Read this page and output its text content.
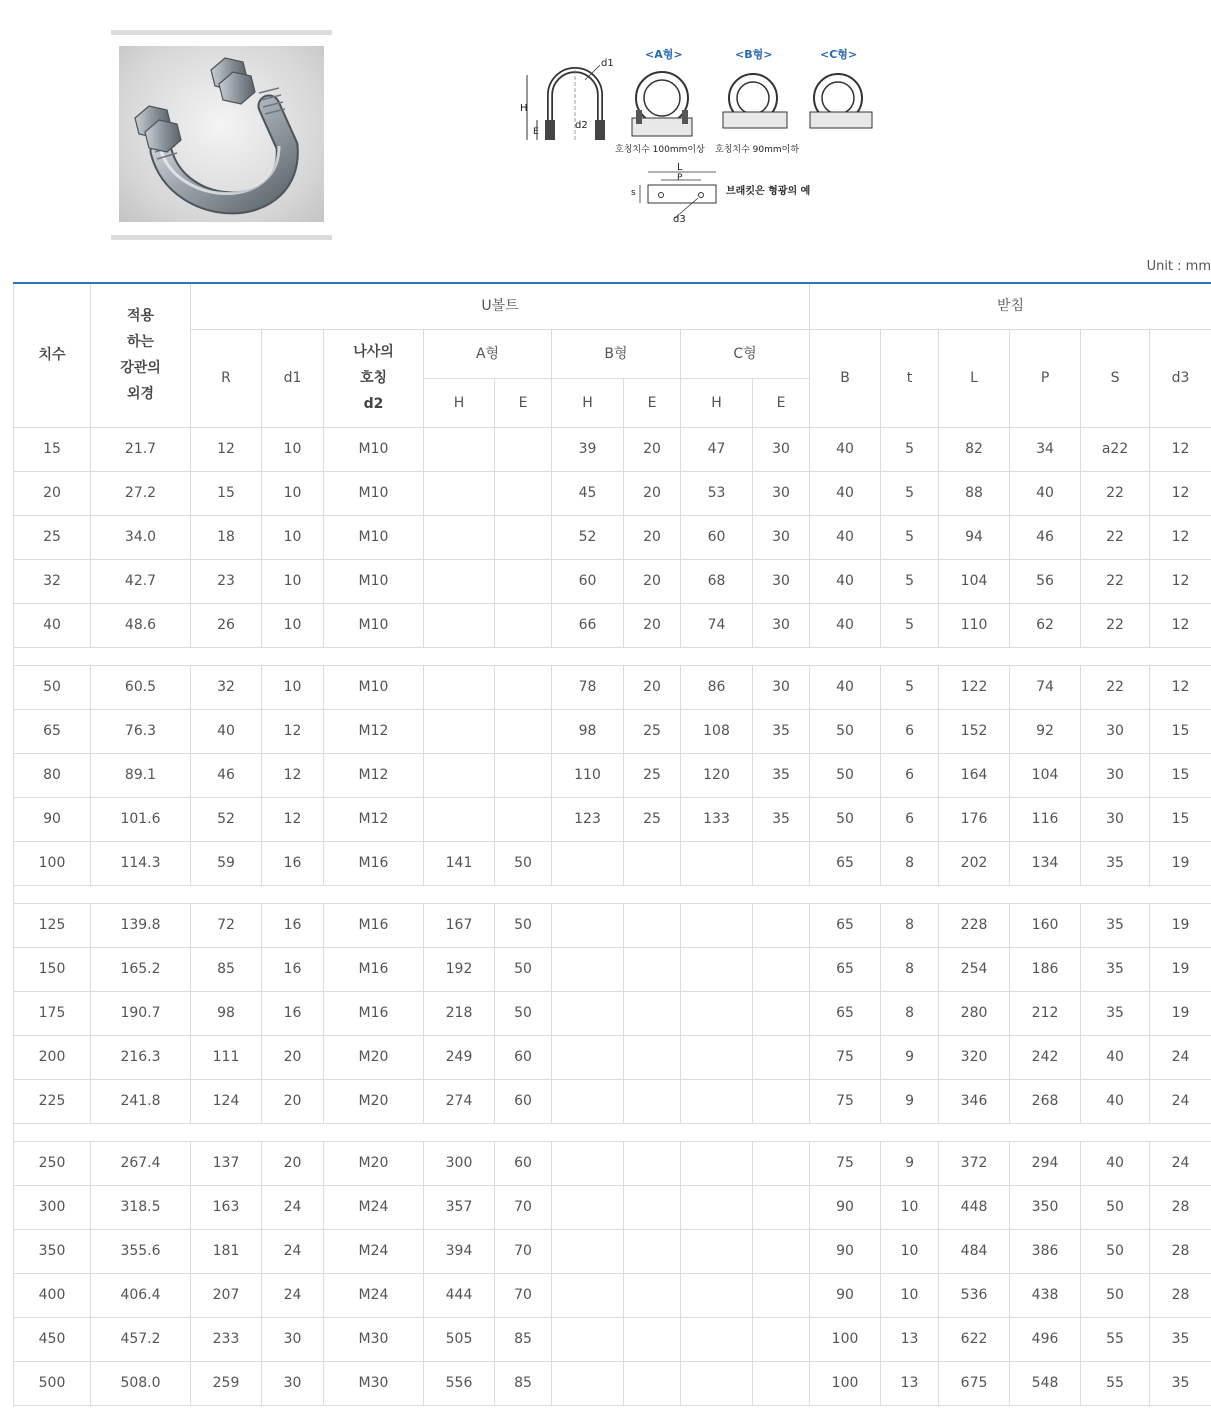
H
E
d1
d2
<A형>
호칭치수 100mm이상
<B형>
호칭치수 90mm이하
<C형>
L
P
s
d3
브래킷은 형광의 예
Unit : mm
치수	적용
하는
강관의
외경	U볼트									받침					
		R	d1	나사의
호칭
d2	A형		B형		C형		B	t	L	P	S	d3
					H	E	H	E	H	E						
15	21.7	12	10	M10			39	20	47	30	40	5	82	34	a22	12
20	27.2	15	10	M10			45	20	53	30	40	5	88	40	22	12
25	34.0	18	10	M10			52	20	60	30	40	5	94	46	22	12
32	42.7	23	10	M10			60	20	68	30	40	5	104	56	22	12
40	48.6	26	10	M10			66	20	74	30	40	5	110	62	22	12

50	60.5	32	10	M10			78	20	86	30	40	5	122	74	22	12
65	76.3	40	12	M12			98	25	108	35	50	6	152	92	30	15
80	89.1	46	12	M12			110	25	120	35	50	6	164	104	30	15
90	101.6	52	12	M12			123	25	133	35	50	6	176	116	30	15
100	114.3	59	16	M16	141	50					65	8	202	134	35	19

125	139.8	72	16	M16	167	50					65	8	228	160	35	19
150	165.2	85	16	M16	192	50					65	8	254	186	35	19
175	190.7	98	16	M16	218	50					65	8	280	212	35	19
200	216.3	111	20	M20	249	60					75	9	320	242	40	24
225	241.8	124	20	M20	274	60					75	9	346	268	40	24

250	267.4	137	20	M20	300	60					75	9	372	294	40	24
300	318.5	163	24	M24	357	70					90	10	448	350	50	28
350	355.6	181	24	M24	394	70					90	10	484	386	50	28
400	406.4	207	24	M24	444	70					90	10	536	438	50	28
450	457.2	233	30	M30	505	85					100	13	622	496	55	35
500	508.0	259	30	M30	556	85					100	13	675	548	55	35
